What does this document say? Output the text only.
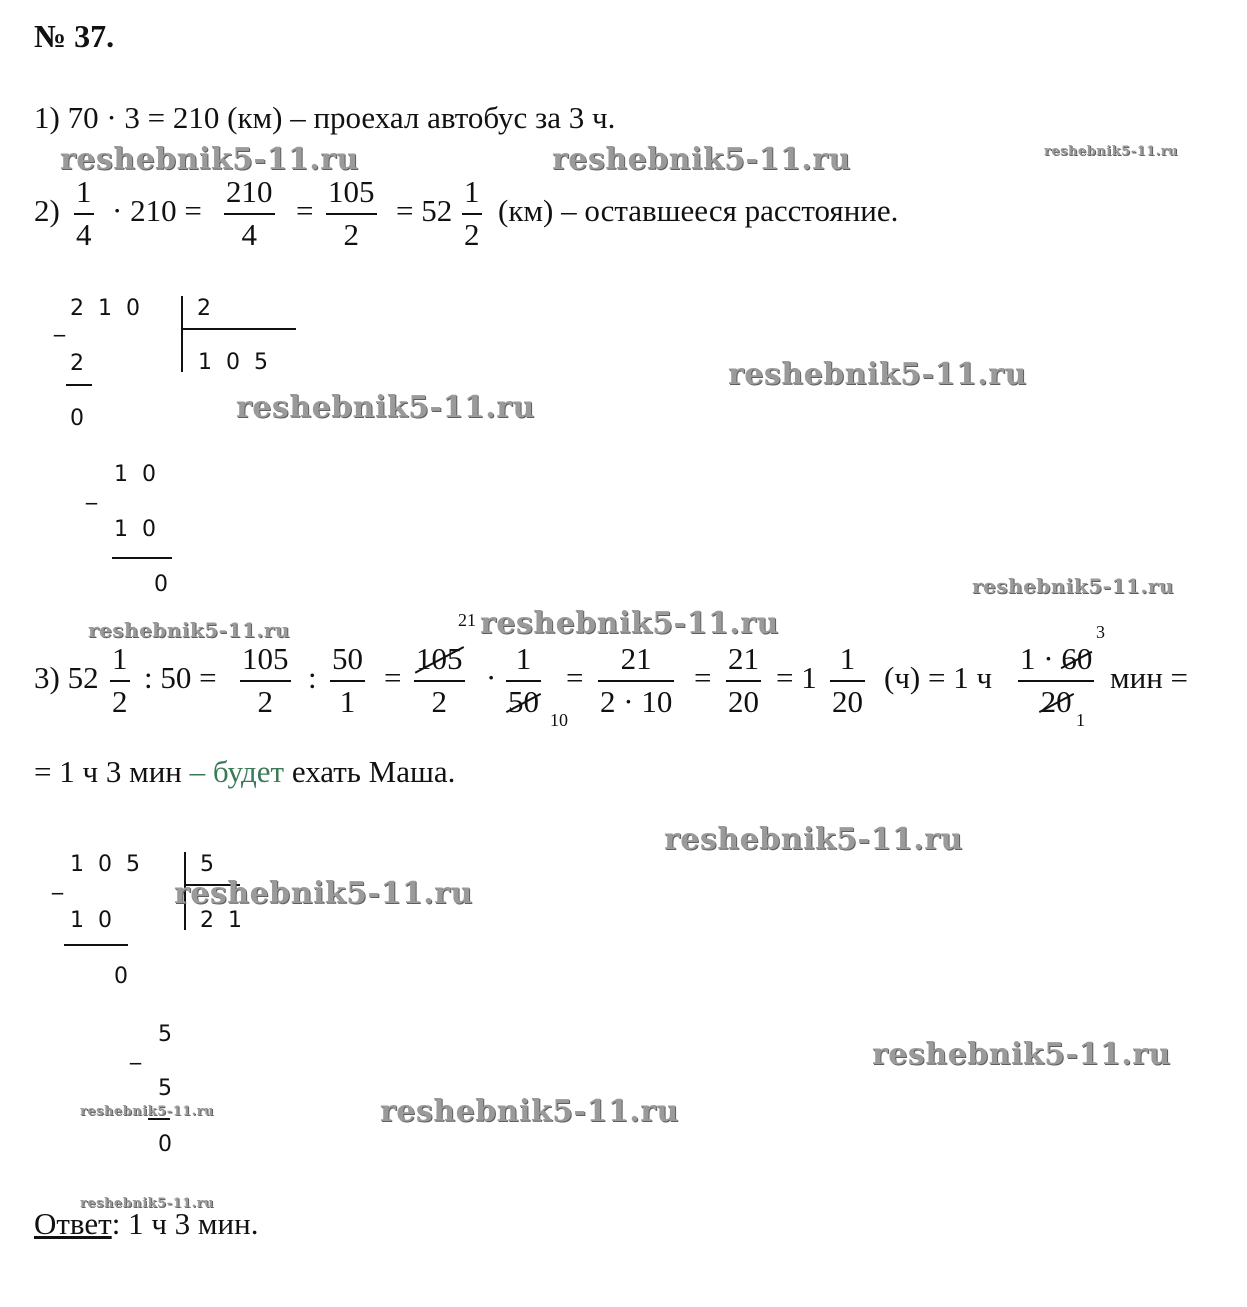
№ 37.
1) 70 · 3 = 210 (км) – проехал автобус за 3 ч.
2)
1
4
· 210 =
210
4
=
105
2
= 52
1
2
(км) – оставшееся расстояние.
_
2  1  0	2
1  0  5
2
0
_
1  0
1  0
0
3) 52
1
2
: 50 =
105
2
:
50
1
=
21
105
2
·
1
50
10
=
21
2 · 10
=
21
20
= 1
1
20
(ч) = 1 ч
3
1 · 60
20
1
мин =
= 1 ч 3 мин – будет ехать Маша.
_
1  0  5	5
2  1
1  0
0
_
5
5
0
Ответ: 1 ч 3 мин.
reshebnik5-11.ru	reshebnik5-11.ru	reshebnik5-11.ru
reshebnik5-11.ru
reshebnik5-11.ru
reshebnik5-11.ru
reshebnik5-11.ru	reshebnik5-11.ru
reshebnik5-11.ru
reshebnik5-11.ru
reshebnik5-11.ru
reshebnik5-11.ru	reshebnik5-11.ru
reshebnik5-11.ru
